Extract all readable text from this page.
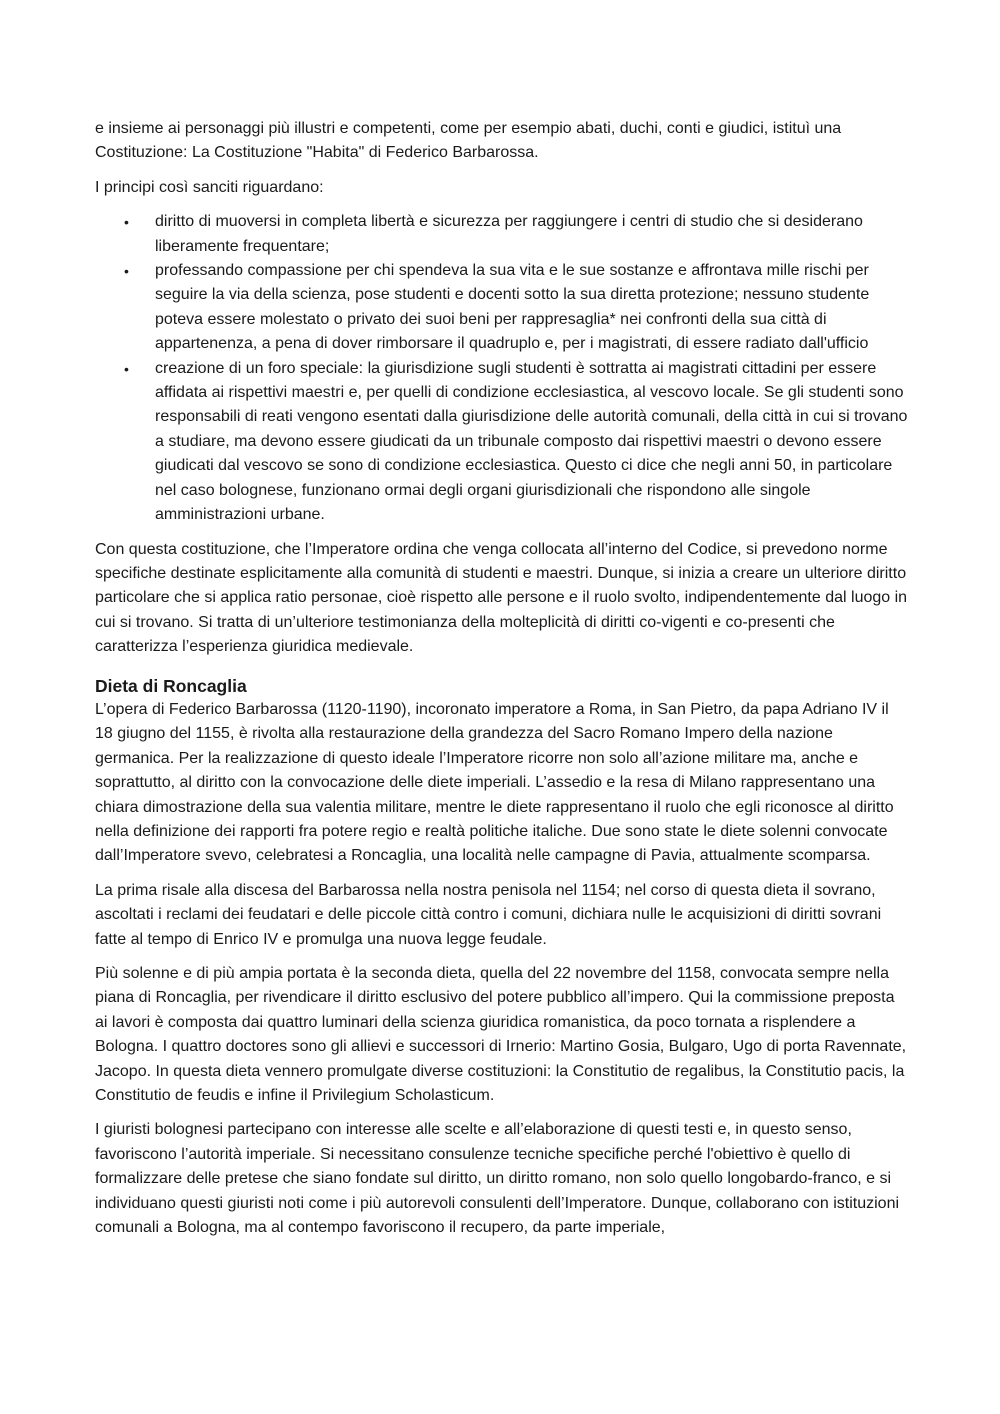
e insieme ai personaggi più illustri e competenti, come per esempio abati, duchi, conti e giudici, istituì una Costituzione: La Costituzione "Habita" di Federico Barbarossa.

I principi così sanciti riguardano:

• diritto di muoversi in completa libertà e sicurezza per raggiungere i centri di studio che si desiderano liberamente frequentare;
• professando compassione per chi spendeva la sua vita e le sue sostanze e affrontava mille rischi per seguire la via della scienza, pose studenti e docenti sotto la sua diretta protezione; nessuno studente poteva essere molestato o privato dei suoi beni per rappresaglia* nei confronti della sua città di appartenenza, a pena di dover rimborsare il quadruplo e, per i magistrati, di essere radiato dall'ufficio
• creazione di un foro speciale: la giurisdizione sugli studenti è sottratta ai magistrati cittadini per essere affidata ai rispettivi maestri e, per quelli di condizione ecclesiastica, al vescovo locale. Se gli studenti sono responsabili di reati vengono esentati dalla giurisdizione delle autorità comunali, della città in cui si trovano a studiare, ma devono essere giudicati da un tribunale composto dai rispettivi maestri o devono essere giudicati dal vescovo se sono di condizione ecclesiastica. Questo ci dice che negli anni 50, in particolare nel caso bolognese, funzionano ormai degli organi giurisdizionali che rispondono alle singole amministrazioni urbane.

Con questa costituzione, che l’Imperatore ordina che venga collocata all’interno del Codice, si prevedono norme specifiche destinate esplicitamente alla comunità di studenti e maestri. Dunque, si inizia a creare un ulteriore diritto particolare che si applica ratio personae, cioè rispetto alle persone e il ruolo svolto, indipendentemente dal luogo in cui si trovano. Si tratta di un’ulteriore testimonianza della molteplicità di diritti co-vigenti e co-presenti che caratterizza l’esperienza giuridica medievale.

Dieta di Roncaglia

L’opera di Federico Barbarossa (1120-1190), incoronato imperatore a Roma, in San Pietro, da papa Adriano IV il 18 giugno del 1155, è rivolta alla restaurazione della grandezza del Sacro Romano Impero della nazione germanica. Per la realizzazione di questo ideale l’Imperatore ricorre non solo all’azione militare ma, anche e soprattutto, al diritto con la convocazione delle diete imperiali. L’assedio e la resa di Milano rappresentano una chiara dimostrazione della sua valentia militare, mentre le diete rappresentano il ruolo che egli riconosce al diritto nella definizione dei rapporti fra potere regio e realtà politiche italiche. Due sono state le diete solenni convocate dall’Imperatore svevo, celebratesi a Roncaglia, una località nelle campagne di Pavia, attualmente scomparsa.

La prima risale alla discesa del Barbarossa nella nostra penisola nel 1154; nel corso di questa dieta il sovrano, ascoltati i reclami dei feudatari e delle piccole città contro i comuni, dichiara nulle le acquisizioni di diritti sovrani fatte al tempo di Enrico IV e promulga una nuova legge feudale.

Più solenne e di più ampia portata è la seconda dieta, quella del 22 novembre del 1158, convocata sempre nella piana di Roncaglia, per rivendicare il diritto esclusivo del potere pubblico all’impero. Qui la commissione preposta ai lavori è composta dai quattro luminari della scienza giuridica romanistica, da poco tornata a risplendere a Bologna. I quattro doctores sono gli allievi e successori di Irnerio: Martino Gosia, Bulgaro, Ugo di porta Ravennate, Jacopo. In questa dieta vennero promulgate diverse costituzioni: la Constitutio de regalibus, la Constitutio pacis, la Constitutio de feudis e infine il Privilegium Scholasticum.

I giuristi bolognesi partecipano con interesse alle scelte e all’elaborazione di questi testi e, in questo senso, favoriscono l’autorità imperiale. Si necessitano consulenze tecniche specifiche perché l'obiettivo è quello di formalizzare delle pretese che siano fondate sul diritto, un diritto romano, non solo quello longobardo-franco, e si individuano questi giuristi noti come i più autorevoli consulenti dell’Imperatore. Dunque, collaborano con istituzioni comunali a Bologna, ma al contempo favoriscono il recupero, da parte imperiale,
